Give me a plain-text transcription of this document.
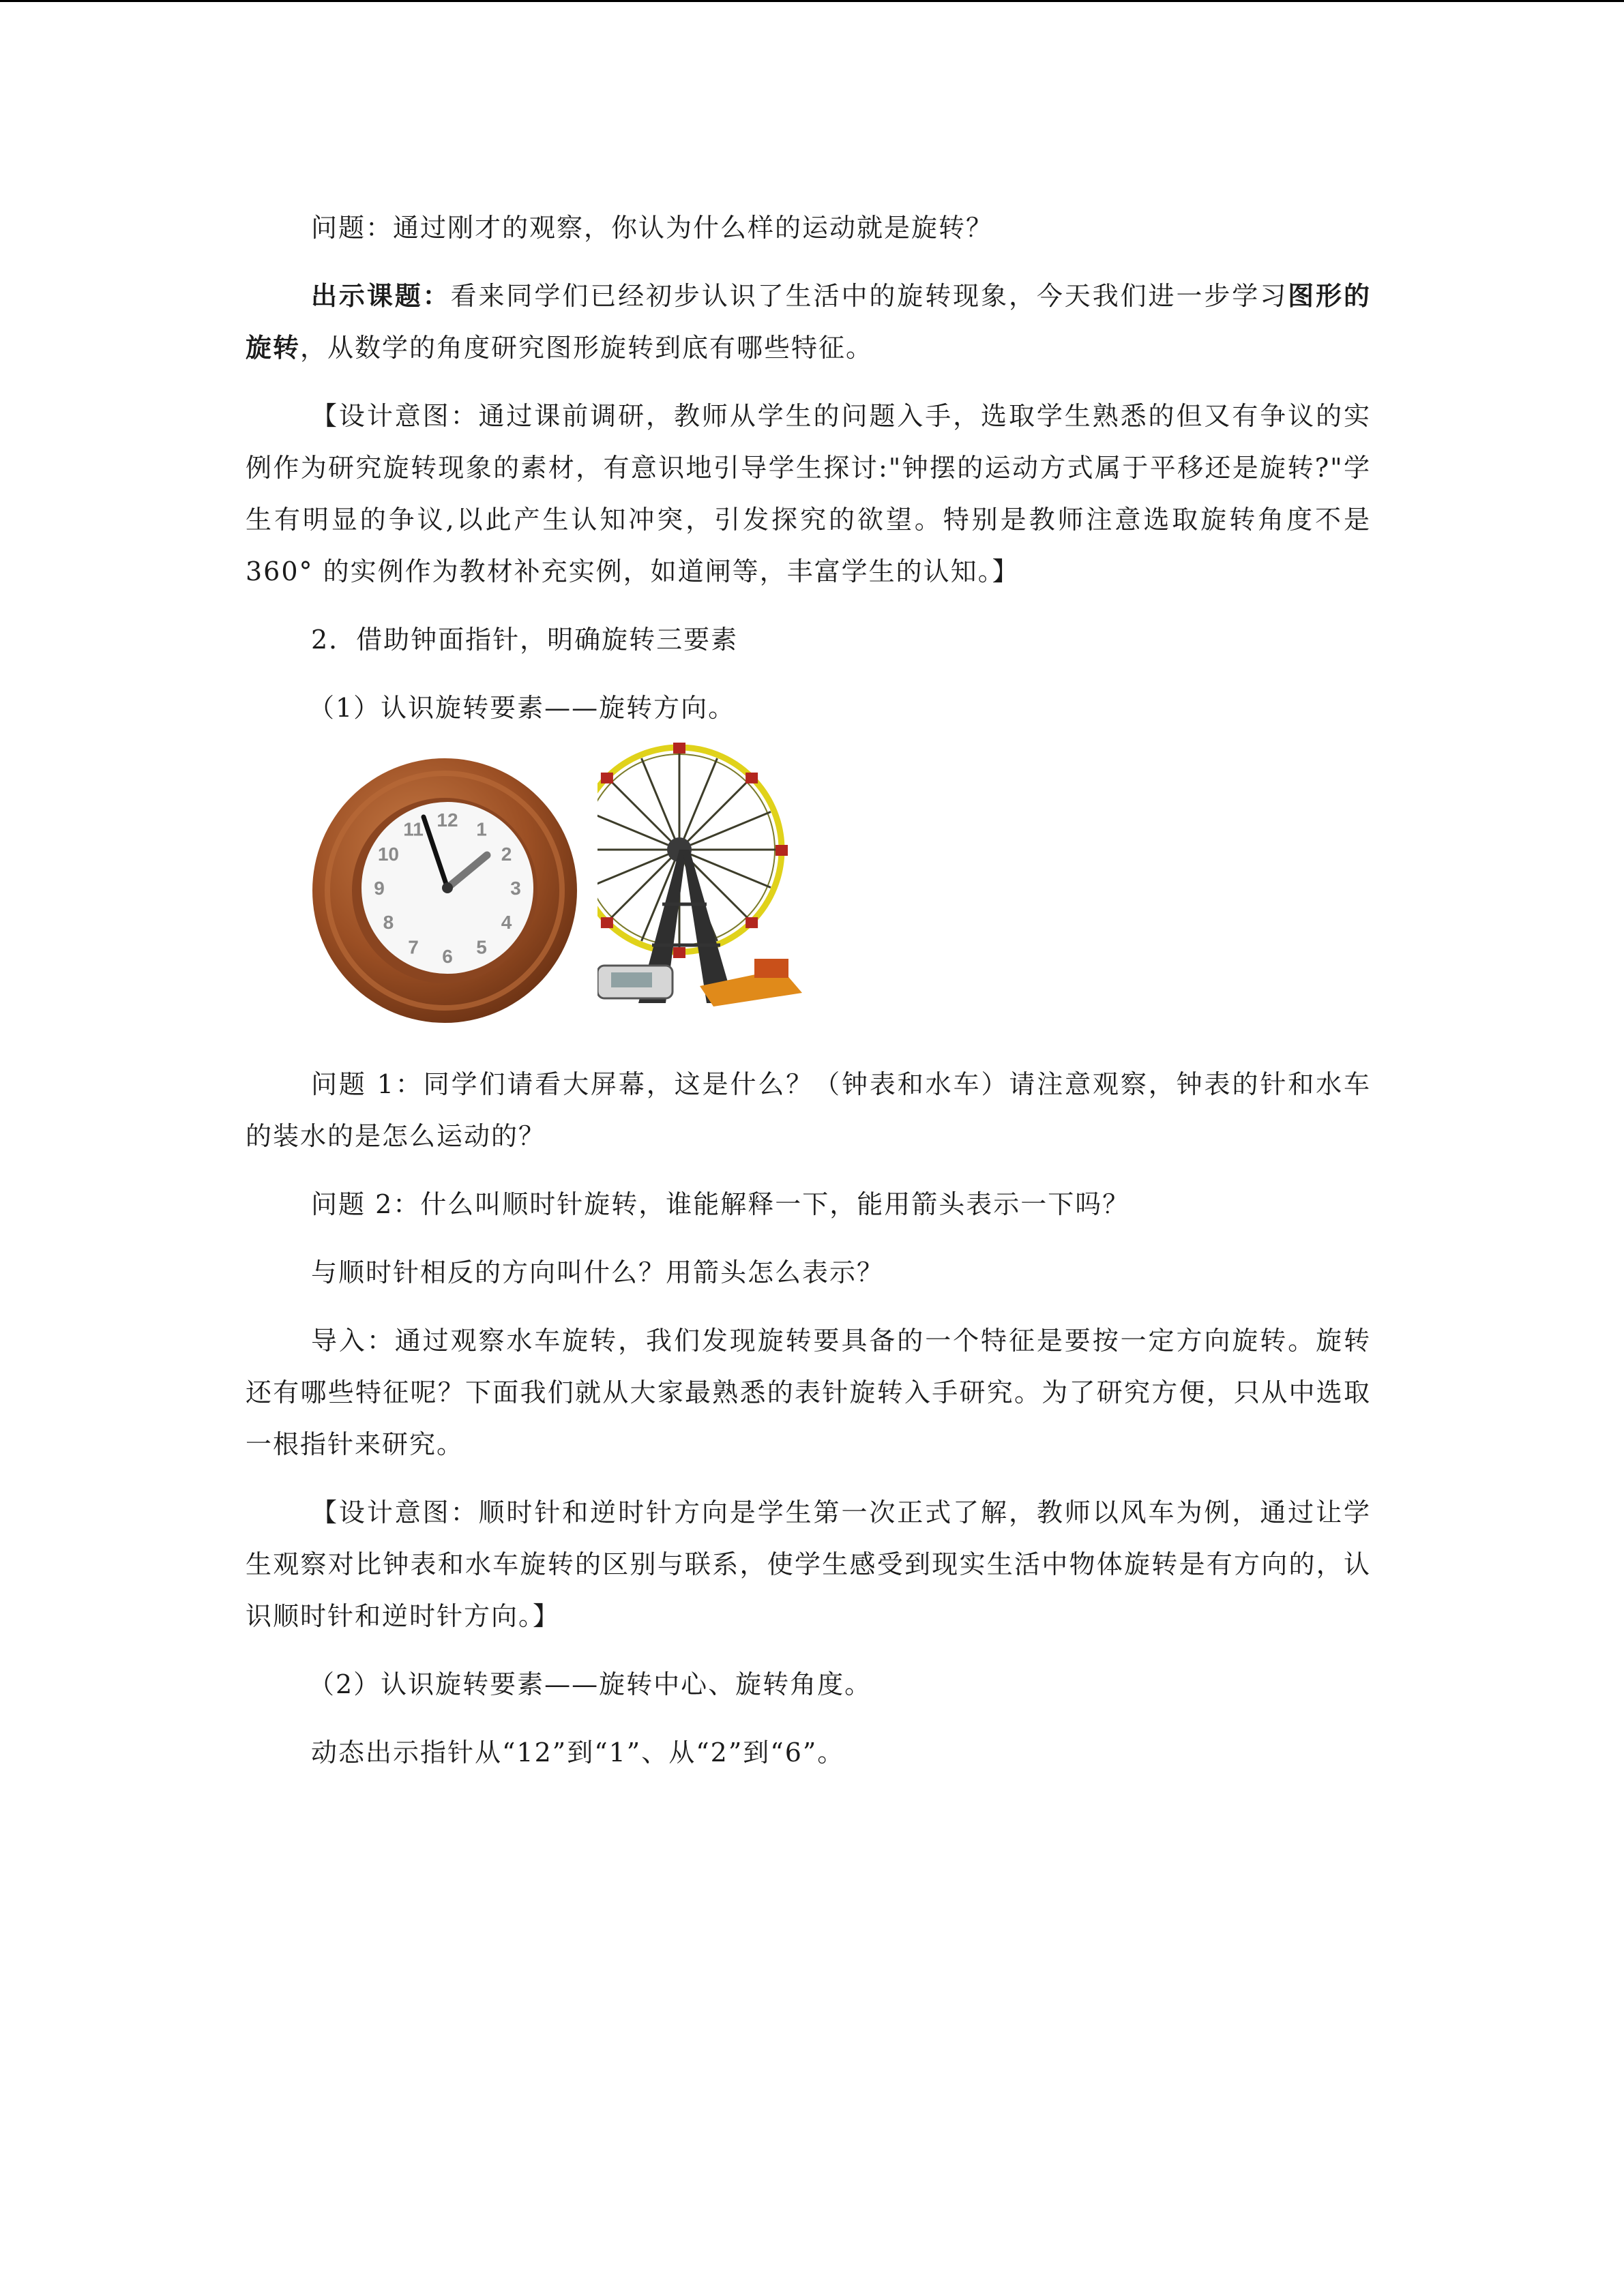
问题：通过刚才的观察，你认为什么样的运动就是旋转？

出示课题：看来同学们已经初步认识了生活中的旋转现象，今天我们进一步学习图形的旋转，从数学的角度研究图形旋转到底有哪些特征。

【设计意图：通过课前调研，教师从学生的问题入手，选取学生熟悉的但又有争议的实例作为研究旋转现象的素材，有意识地引导学生探讨:"钟摆的运动方式属于平移还是旋转?"学生有明显的争议,以此产生认知冲突，引发探究的欲望。特别是教师注意选取旋转角度不是 360° 的实例作为教材补充实例，如道闸等，丰富学生的认知。】

2．借助钟面指针，明确旋转三要素

（1）认识旋转要素——旋转方向。

12 1
2
3
4
5
6
7
8
9
10
11

问题 1：同学们请看大屏幕，这是什么？（钟表和水车）请注意观察，钟表的针和水车的装水的是怎么运动的？

问题 2：什么叫顺时针旋转，谁能解释一下，能用箭头表示一下吗？

与顺时针相反的方向叫什么？用箭头怎么表示？

导入：通过观察水车旋转，我们发现旋转要具备的一个特征是要按一定方向旋转。旋转还有哪些特征呢？下面我们就从大家最熟悉的表针旋转入手研究。为了研究方便，只从中选取一根指针来研究。

【设计意图：顺时针和逆时针方向是学生第一次正式了解，教师以风车为例，通过让学生观察对比钟表和水车旋转的区别与联系，使学生感受到现实生活中物体旋转是有方向的，认识顺时针和逆时针方向。】

（2）认识旋转要素——旋转中心、旋转角度。

动态出示指针从“12”到“1”、从“2”到“6”。
